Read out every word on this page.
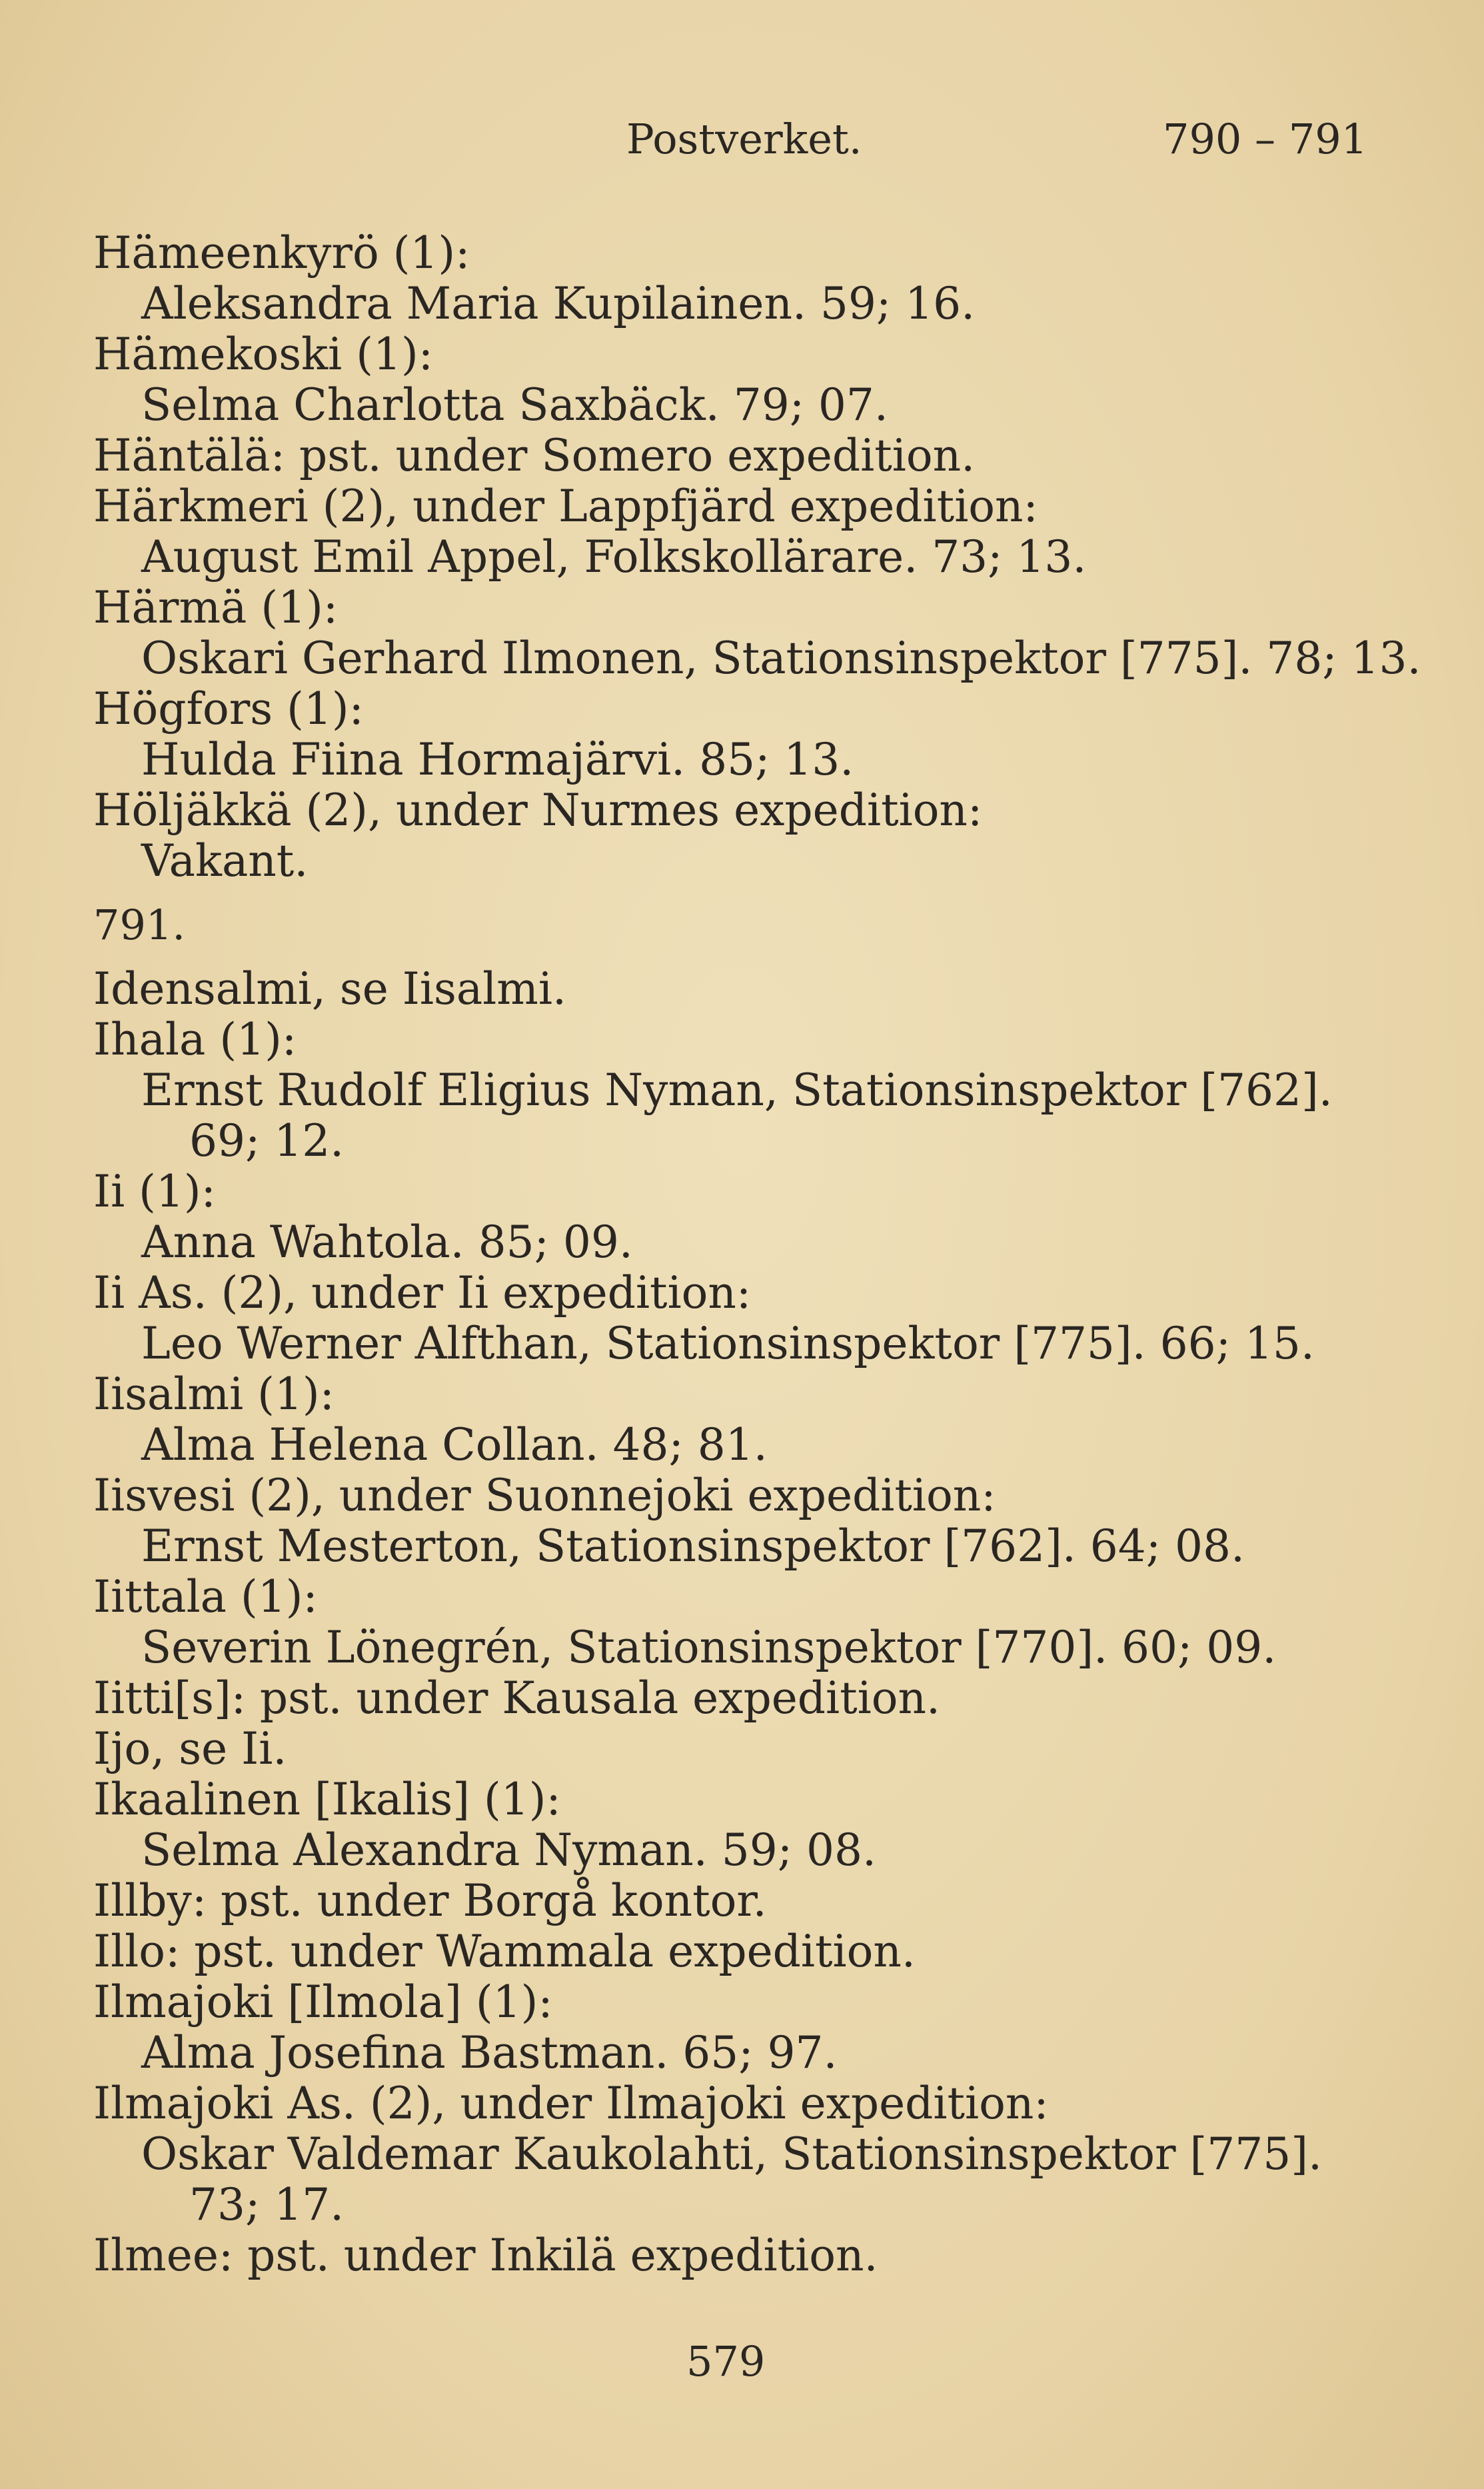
Postverket.	790 – 791
Hämeenkyrö (1):
Aleksandra Maria Kupilainen. 59; 16.
Hämekoski (1):
Selma Charlotta Saxbäck. 79; 07.
Häntälä: pst. under Somero expedition.
Härkmeri (2), under Lappfjärd expedition:
August Emil Appel, Folkskollärare. 73; 13.
Härmä (1):
Oskari Gerhard Ilmonen, Stationsinspektor [775]. 78; 13.
Högfors (1):
Hulda Fiina Hormajärvi. 85; 13.
Höljäkkä (2), under Nurmes expedition:
Vakant.
791.
Idensalmi, se Iisalmi.
Ihala (1):
Ernst Rudolf Eligius Nyman, Stationsinspektor [762].
69; 12.
Ii (1):
Anna Wahtola. 85; 09.
Ii As. (2), under Ii expedition:
Leo Werner Alfthan, Stationsinspektor [775]. 66; 15.
Iisalmi (1):
Alma Helena Collan. 48; 81.
Iisvesi (2), under Suonnejoki expedition:
Ernst Mesterton, Stationsinspektor [762]. 64; 08.
Iittala (1):
Severin Lönegrén, Stationsinspektor [770]. 60; 09.
Iitti[s]: pst. under Kausala expedition.
Ijo, se Ii.
Ikaalinen [Ikalis] (1):
Selma Alexandra Nyman. 59; 08.
Illby: pst. under Borgå kontor.
Illo: pst. under Wammala expedition.
Ilmajoki [Ilmola] (1):
Alma Josefina Bastman. 65; 97.
Ilmajoki As. (2), under Ilmajoki expedition:
Oskar Valdemar Kaukolahti, Stationsinspektor [775].
73; 17.
Ilmee: pst. under Inkilä expedition.
579
